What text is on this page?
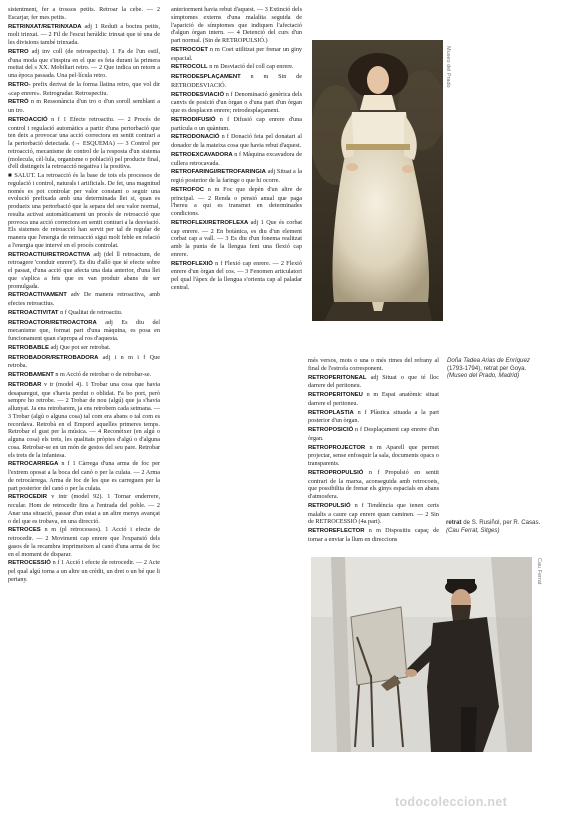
sistentment, fer a trossos petits. Retroar la cebe. — 2 Escarjar, fer mes petits.
RETRINXAT/RETRINXADA adj 1 Reduït a bocins petits, molt trinxat. — 2 Fil de l'escut heràldic trinxat que té una de les divisions també trinxada.
RETRO adj inv coll (de retrospectiu). 1 Fa de l'un estil, d'una moda que s'inspira en el que es feia durant la primera meitat del s XX. Mobiliari retro. — 2 Que indica un retorn a una època passada. Una pel·lícula retro.
RETRO- prefix derivat de la forma llatina retro, que vol dir «cap enrere». Retrogradar. Retrospectiu.
RETRÒ n m Ressonància d'un tro o d'un soroll semblant a un tro.
RETROACCIÓ n f 1 Efecte retroactiu. — 2 Procés de control i regulació automàtics a partir d'una pertorbació que ten deix a provocar una acció correctora en sentit contrari a la pertorbació detectada. (→ ESQUEMA) — 3 Control per retroacció, mecanisme de control de la resposta d'un sistema (molecula, cèl·lula, organisme o població) pel producte final, d'ell distingeix la retroacció negativa i la positiva.
■ SALUT. La retroacció és la base de tots els processos de regulació i control, naturals i artificials. De fet, una magnitud només es pot controlar per valor constant o seguir una evolució prefixada amb una determinada llei si, quan es produeix una pertorbació que la separa del seu valor normal, resulta activat automàticament un procés de retroacció que provoca una acció correctora en sentit contrari a la desviació. Els sistemes de retroacció han servit per tal de regular de manera que l'energia de retroacció sigui molt feble en relació a l'energia que intervé en el procés controlat.
RETROACTIU/RETROACTIVA adj (del ll retroactum, de retroagere 'conduir enrere'). Es diu d'allò que té efecte sobre el passat, d'una acció que afecta una data anterior, d'una llei que s'aplica a fets que es van produir abans de ser promulgada.
RETROACTIVAMENT adv De manera retroactiva, amb efectes retroactius.
RETROACTIVITAT n f Qualitat de retroactiu.
RETROACTOR/RETROACTORA adj Es diu del mecanisme que, format part d'una màquina, es posa en funcionament quan s'apropa al ros d'aquesta.
RETROBABLE adj Que pot ser retrobat.
RETROBADOR/RETROBADORA adj i n m i f Que retroba.
RETROBAMENT n m Acció de retrobar o de retrobar-se.
RETROBAR v tr (model 4). 1 Trobar una cosa que havia desaparegut, que s'havia perdut o oblidat. Fa bo port, però sempre ho retrobe. — 2 Trobar de nou (algú) que ja s'havia allunyat. Ja ens retrobarem, ja ens retrobem cada setmana. — 3 Trobar (algú o alguna cosa) tal com era abans o tal com es recordava. Retrobà en el Empord aquelles primeres temps. Retrobar el gust per la música. — 4 Reconèixer (en algú o alguna cosa) els trets, les qualitats pròpies d'algú o d'alguna cosa. Retrobar-se en un món de gestos del seu pare. Retrobar els trets de la infantesa.
RETROCARREGA n f 1 Càrrega d'una arma de foc per l'extrem oposat a la boca del canó o per la culata. — 2 Arma de retrocàrrega. Arma de foc de les que es carreguen per la part posterior del canó o per la culata.
RETROCEDIR v intr (model 92). 1 Tornar enderrere, recular. Hom de retrocedir fins a l'entrada del poble. — 2 Anar una situació, passar d'un estat a un altre menys avançat o del que es trobava, en una direcció.
RETROCES n m (pl retrocessos). 1 Acció i efecte de retrocedir. — 2 Moviment cap enrere que l'expansió dels gasos de la recambra imprimeixen al canó d'una arma de foc en el moment de disparar.
RETROCESSIÓ n f 1 Acció i efecte de retrocedir. — 2 Acte pel qual algú torna a un altre un crèdit, un dret o un bé que li pertany.
anteriorment havia rebut d'aquest. — 3 Extinció dels símptomes externs d'una malaltia seguida de l'aparició de símptomes que indiquen l'afectació d'algun òrgan intern. — 4 Detenció del curs d'un part normal. (Sin de RETROPULSIÓ.)
RETROCOET n m Coet utilitzat per frenar un giny espacial.
RETROCOLL n m Desviació del coll cap enrere.
RETRODESPLAÇAMENT n m Sin de RETRODESVIACIÓ.
RETRODESVIACIÓ n f Denominació genèrica dels canvis de posició d'un òrgan o d'una part d'un òrgan que es desplacen enrere; retrodesplaçament.
RETRODIFUSIÓ n f Difusió cap enrere d'una partícula o un quàntum.
RETRODONACIÓ n f Donació feta pel donatari al donador de la mateixa cosa que havia rebut d'aquest.
RETROEXCAVADORA n f Màquina excavadora de cullera retrocavada.
RETROFARINGI/RETROFARINGIA adj Situat a la regió posterior de la faringe o que hi ocorre.
RETROFOC n m Foc que depèn d'un altre de principal. — 2 Renda o pensió anual que paga l'hereu a qui es transmet en determinades condicions.
RETROFLEX/RETROFLEXA adj 1 Que és corbat cap enrere. — 2 En botànica, es diu d'un element corbat cap a vall. — 3 Es diu d'un fonema realitzat amb la punta de la llengua fent una flexió cap enrere.
RETROFLEXIÓ n f Flexió cap enrere. — 2 Flexió enrere d'un òrgan del cos. — 3 Fenomen articulatori pel qual l'àpex de la llengua s'orienta cap al paladar central.
més versos, mots o una o més rimes del refrany al final de l'estrofa corresponent.
RETROPERITONEAL adj Situat o que té lloc darrere del peritoneu.
RETROPERITONEU n m Espai anatòmic situat darrere el peritoneu.
RETROPLASTIA n f Plàstica situada a la part posterior d'un òrgan.
RETROPOSICIÓ n f Desplaçament cap enrere d'un òrgan.
RETROPROJECTOR n m Aparell que permet projectar, sense enfosquir la sala, documents opacs o transparents.
RETROPROPULSIÓ n f Propulsió en sentit contrari de la marxa, aconseguida amb retrocoets, que possibilita de frenar els ginys espacials en abans d'atmosfera.
RETROPULSIÓ n f Tendència que tenen certs malalts a caure cap enrere quan caminen. — 2 Sin de RETROCESSIÓ (4a part).
RETROREFLECTOR n m Dispositiu capaç de tornar a enviar la llum en direccions
Museo del Prado
Doña Tadea Arias de Enríquez
(1793-1794), retrat per Goya.
(Museo del Prado, Madrid)
retrat de S. Rusiñol, per R. Casas.
(Cau Ferrat, Sitges)
Cau Ferrat
todocoleccion.net
